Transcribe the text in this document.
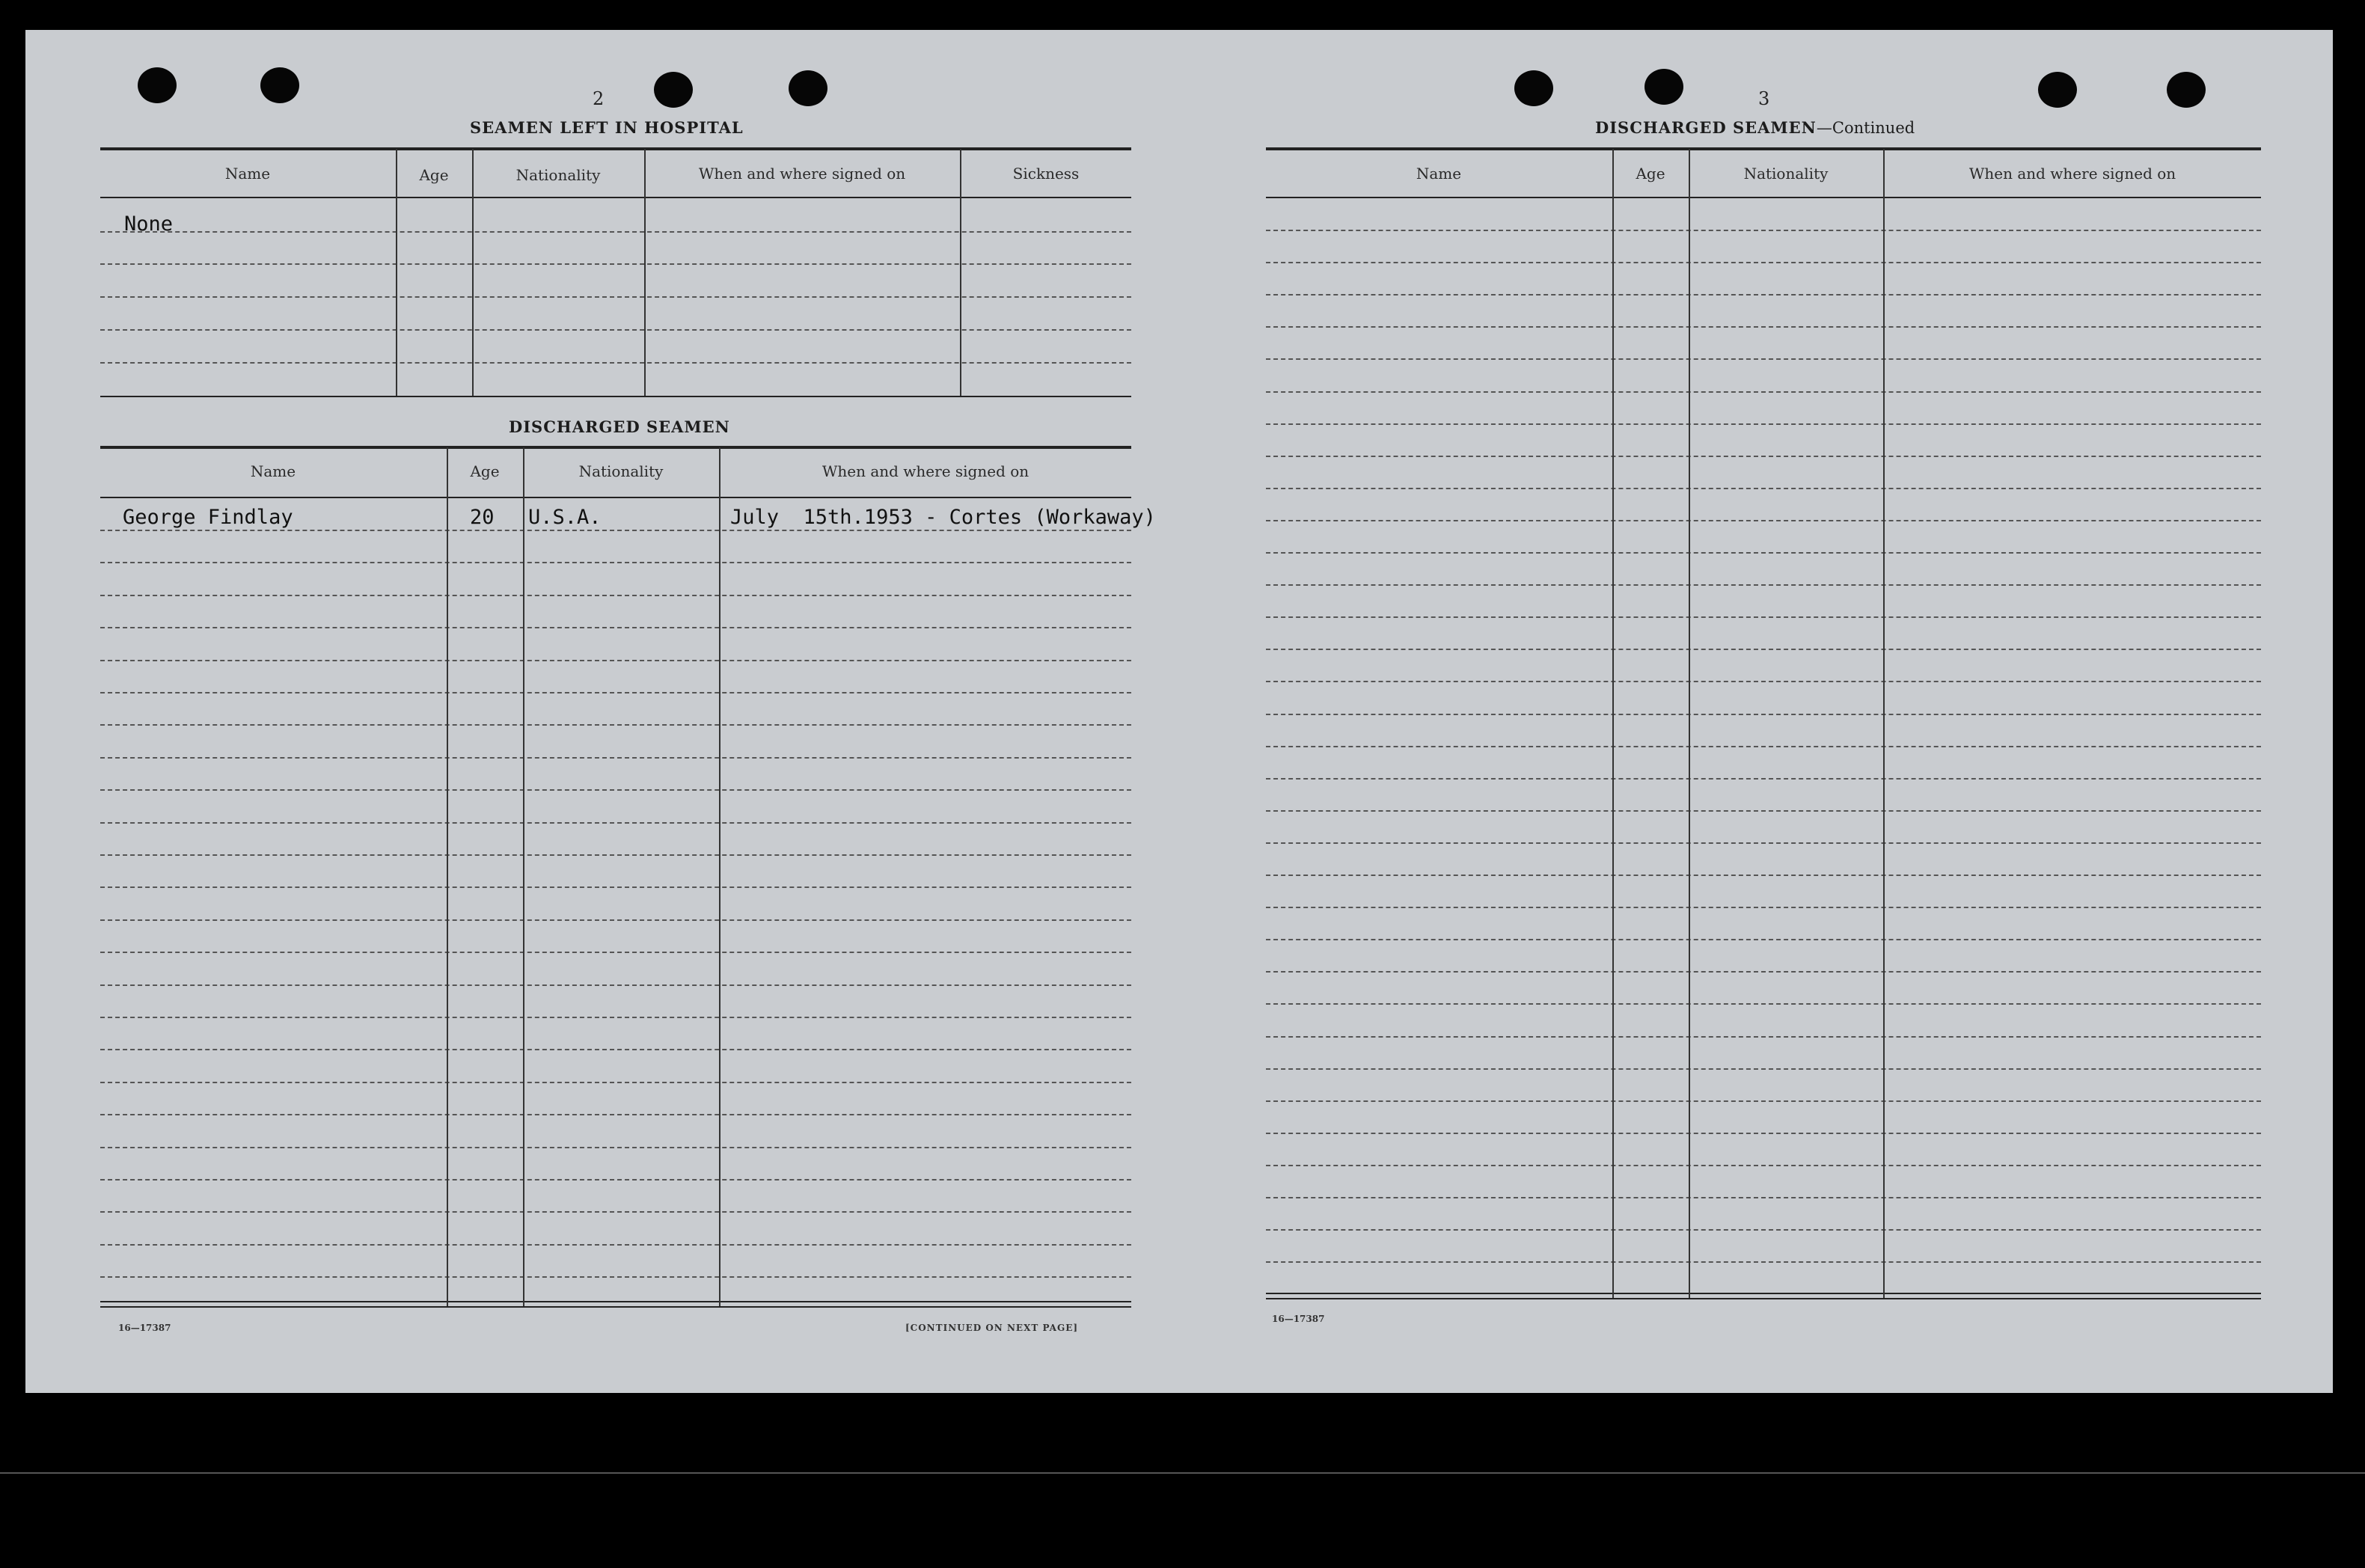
2
SEAMEN LEFT IN HOSPITAL
Name	Age	Nationality	When and where signed on	Sickness
None
DISCHARGED SEAMEN
Name	Age	Nationality	When and where signed on
George Findlay	20 U.S.A.	July  15th.1953 - Cortes (Workaway)
16—17387	[CONTINUED ON NEXT PAGE]
3
DISCHARGED SEAMEN—Continued
Name	Age	Nationality	When and where signed on
16—17387
